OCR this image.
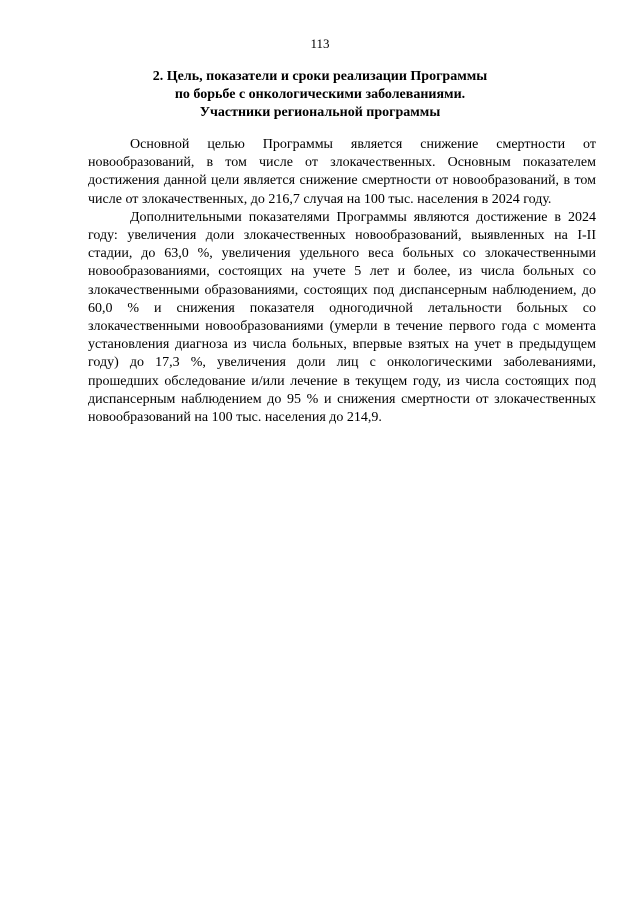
113
2. Цель, показатели и сроки реализации Программы
по борьбе с онкологическими заболеваниями.
Участники региональной программы

Основной целью Программы является снижение смертности от новообразований, в том числе от злокачественных. Основным показателем достижения данной цели является снижение смертности от новообразований, в том числе от злокачественных, до 216,7 случая на 100 тыс. населения в 2024 году.

Дополнительными показателями Программы являются достижение в 2024 году: увеличения доли злокачественных новообразований, выявленных на I-II стадии, до 63,0 %, увеличения удельного веса больных со злокачественными новообразованиями, состоящих на учете 5 лет и более, из числа больных со злокачественными образованиями, состоящих под диспансерным наблюдением, до 60,0 % и снижения показателя одногодичной летальности больных со злокачественными новообразованиями (умерли в течение первого года с момента установления диагноза из числа больных, впервые взятых на учет в предыдущем году) до 17,3 %, увеличения доли лиц с онкологическими заболеваниями, прошедших обследование и/или лечение в текущем году, из числа состоящих под диспансерным наблюдением до 95 % и снижения смертности от злокачественных новообразований на 100 тыс. населения до 214,9.
